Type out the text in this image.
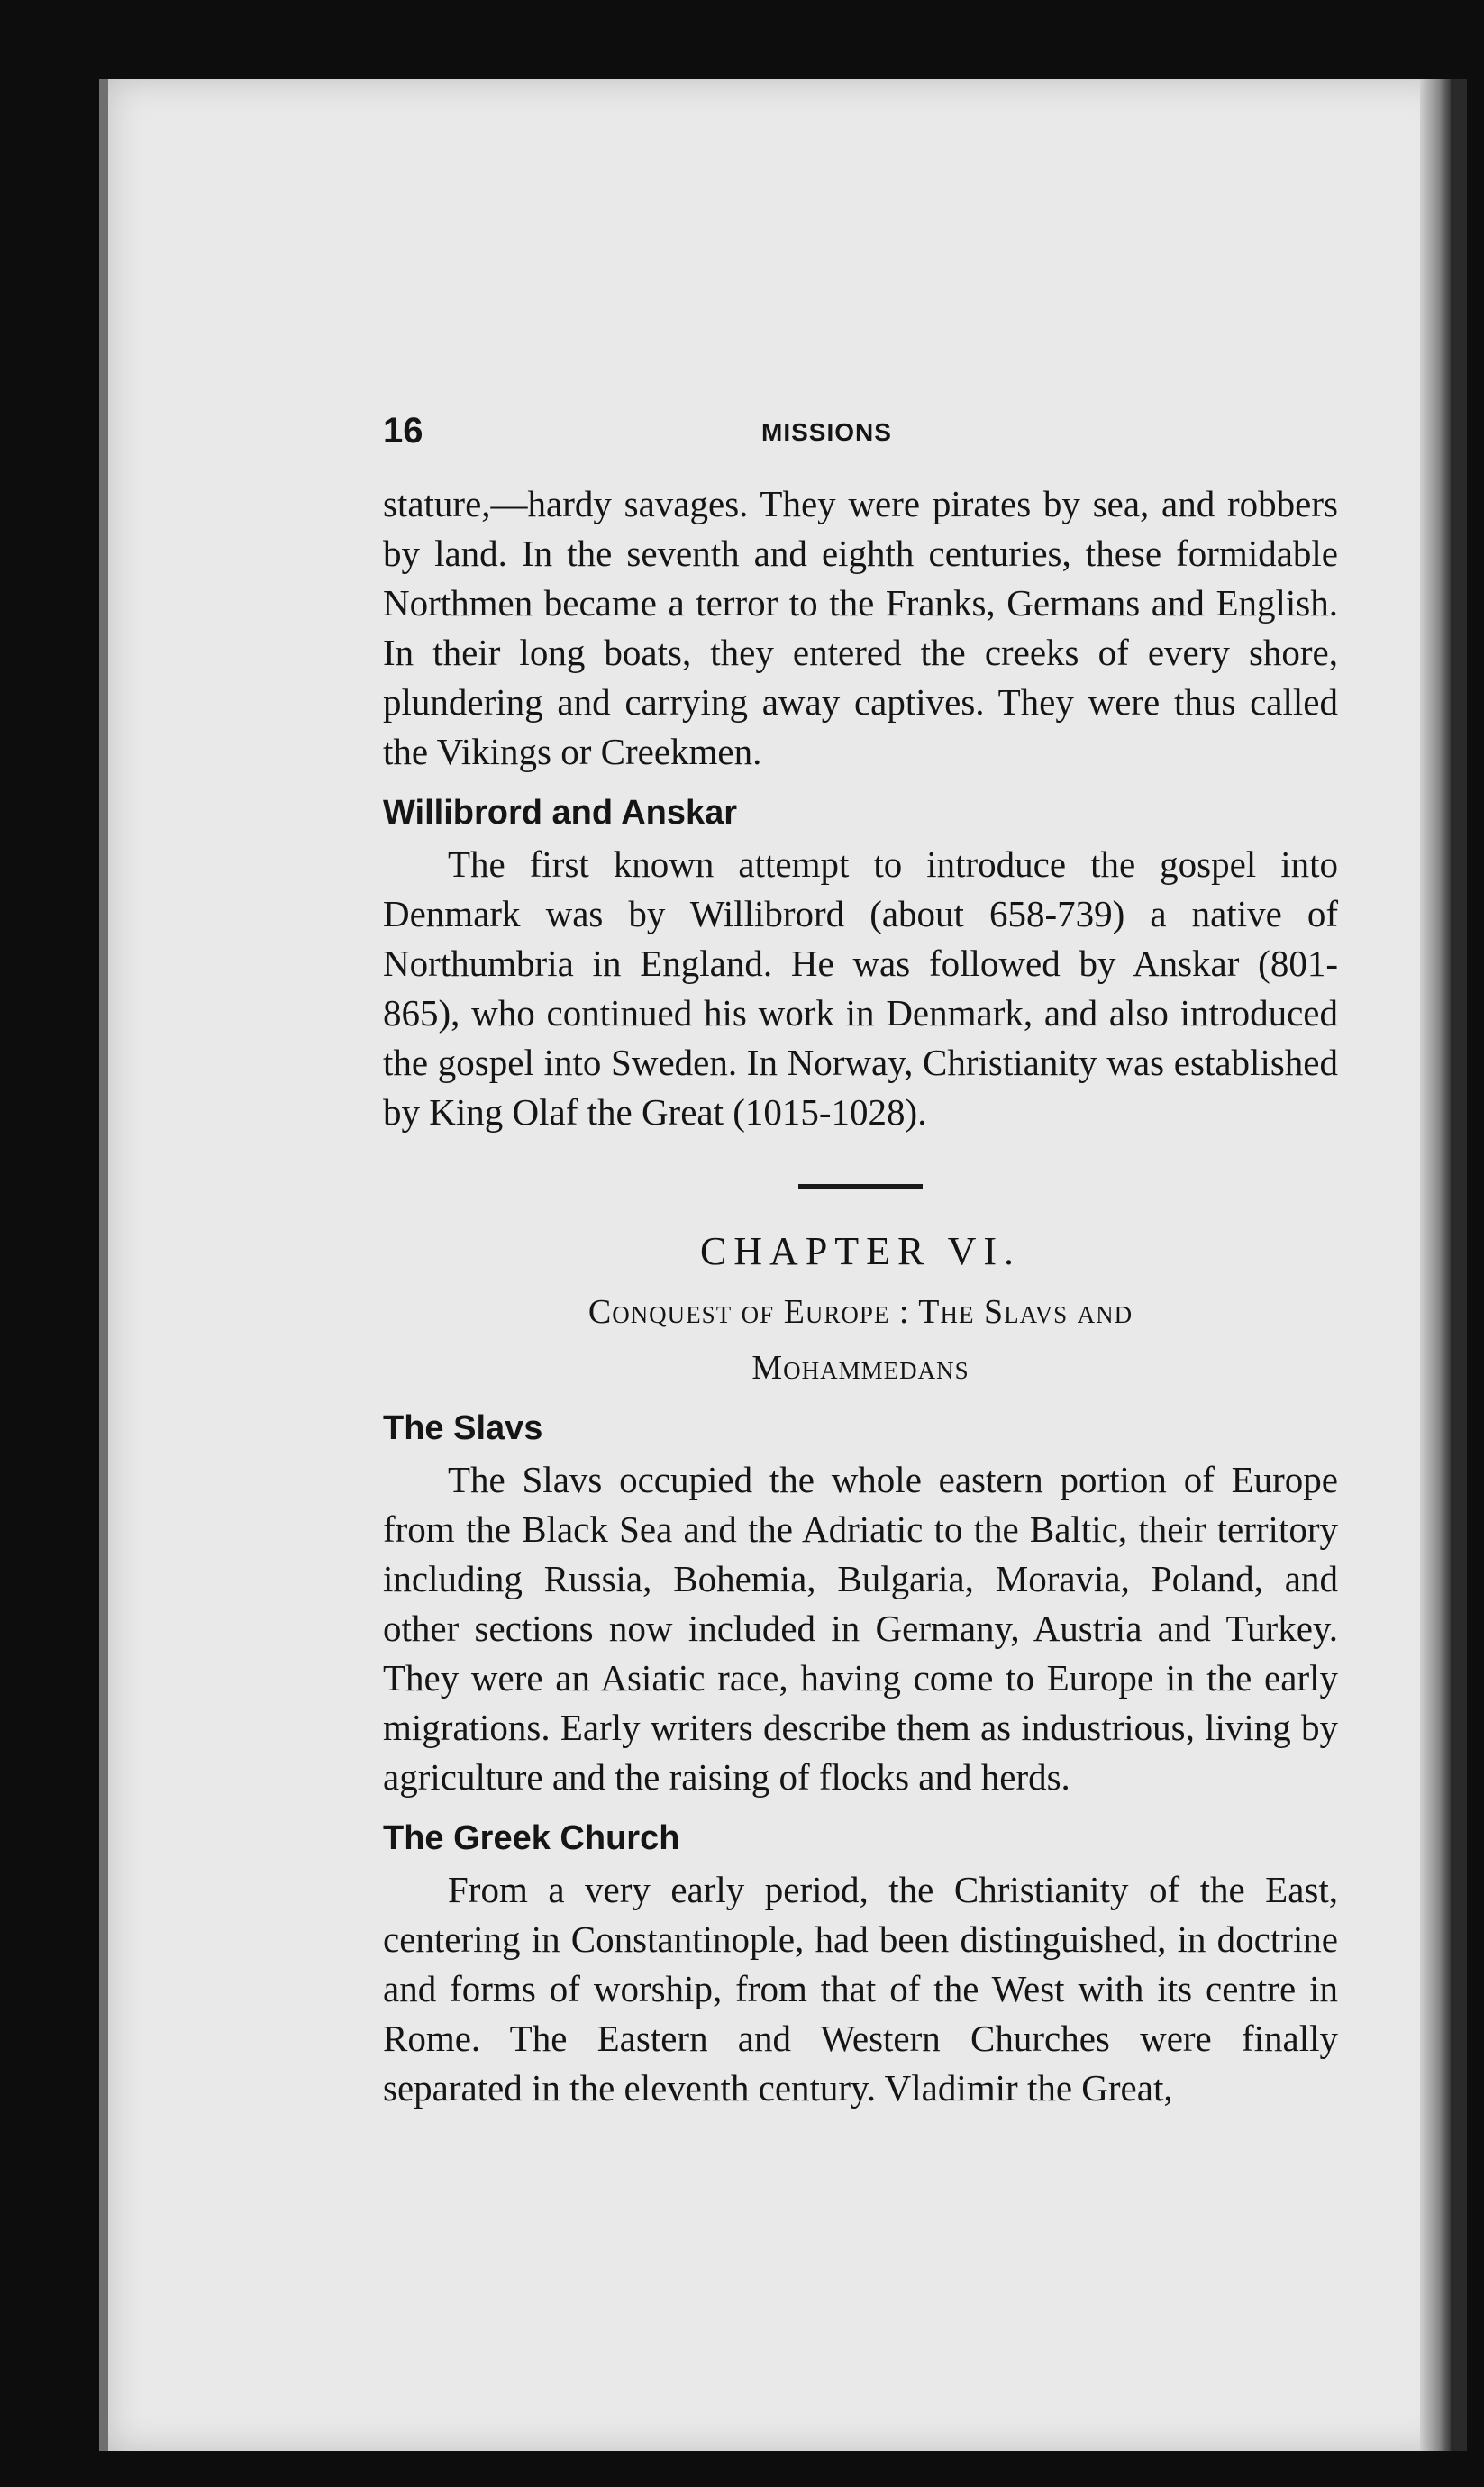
16	MISSIONS

stature,—hardy savages. They were pirates by sea, and robbers by land. In the seventh and eighth centuries, these formidable Northmen became a terror to the Franks, Germans and English. In their long boats, they entered the creeks of every shore, plundering and carrying away captives. They were thus called the Vikings or Creekmen.

Willibrord and Anskar

The first known attempt to introduce the gospel into Denmark was by Willibrord (about 658-739) a native of Northumbria in England. He was followed by Anskar (801-865), who continued his work in Denmark, and also introduced the gospel into Sweden. In Norway, Christianity was established by King Olaf the Great (1015-1028).

CHAPTER VI.
Conquest of Europe : The Slavs and
Mohammedans
The Slavs

The Slavs occupied the whole eastern portion of Europe from the Black Sea and the Adriatic to the Baltic, their territory including Russia, Bohemia, Bulgaria, Moravia, Poland, and other sections now included in Germany, Austria and Turkey. They were an Asiatic race, having come to Europe in the early migrations. Early writers describe them as industrious, living by agriculture and the raising of flocks and herds.

The Greek Church

From a very early period, the Christianity of the East, centering in Constantinople, had been distinguished, in doctrine and forms of worship, from that of the West with its centre in Rome. The Eastern and Western Churches were finally separated in the eleventh century. Vladimir the Great,
